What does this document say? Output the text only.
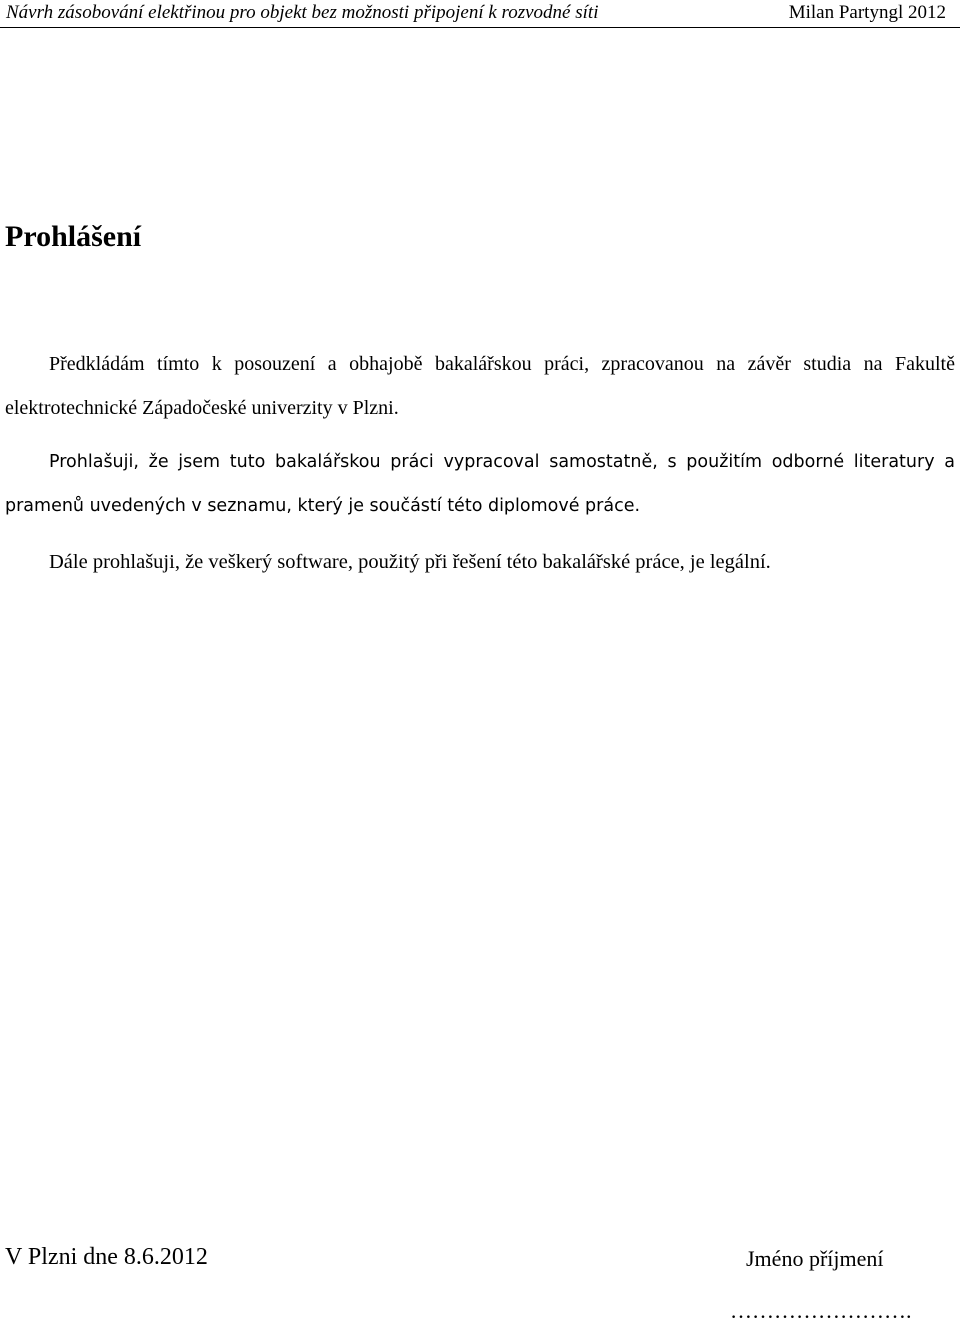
Návrh zásobování elektřinou pro objekt bez možnosti připojení k rozvodné síti	Milan Partyngl 2012
Prohlášení

Předkládám tímto k posouzení a obhajobě bakalářskou práci, zpracovanou na závěr studia na Fakultě elektrotechnické Západočeské univerzity v Plzni.

Prohlašuji, že jsem tuto bakalářskou práci vypracoval samostatně, s použitím odborné literatury a pramenů uvedených v seznamu, který je součástí této diplomové práce.

Dále prohlašuji, že veškerý software, použitý při řešení této bakalářské práce, je legální.

V Plzni dne 8.6.2012	Jméno příjmení
…………………….
